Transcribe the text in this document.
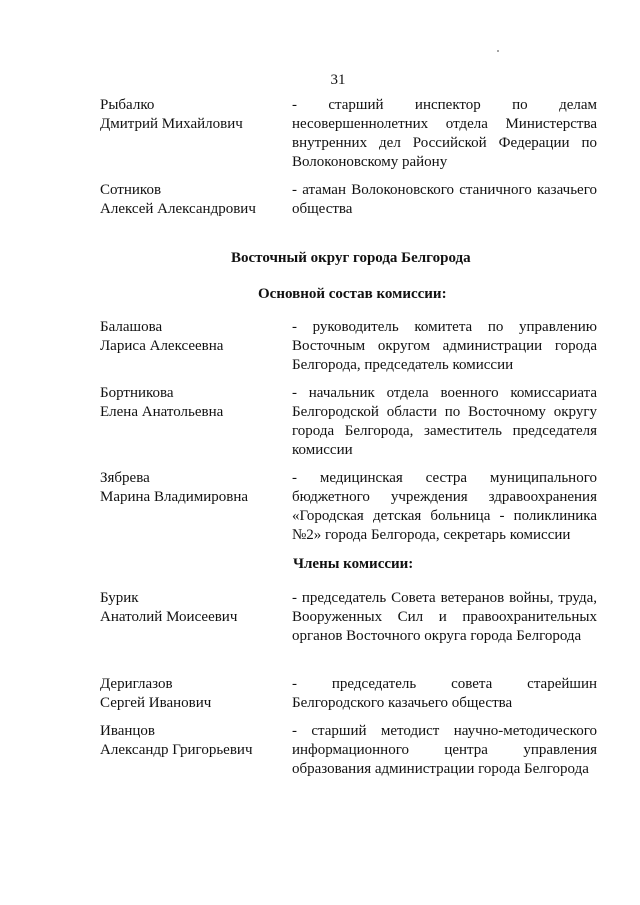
31
Рыбалко
Дмитрий Михайлович
- старший инспектор по делам несовершеннолетних отдела Министерства внутренних дел Российской Федерации по Волоконовскому району
Сотников
Алексей Александрович
- атаман Волоконовского станичного казачьего общества
Восточный округ города Белгорода
Основной состав комиссии:
Балашова
Лариса Алексеевна
- руководитель комитета по управлению Восточным округом администрации города Белгорода, председатель комиссии
Бортникова
Елена Анатольевна
- начальник отдела военного комиссариата Белгородской области по Восточному округу города Белгорода, заместитель председателя комиссии
Зябрева
Марина Владимировна
- медицинская сестра муниципального бюджетного учреждения здравоохранения «Городская детская больница - поликлиника №2» города Белгорода, секретарь комиссии
Члены комиссии:
Бурик
Анатолий Моисеевич
- председатель Совета ветеранов войны, труда, Вооруженных Сил и правоохранительных органов Восточного округа города Белгорода
Дериглазов
Сергей Иванович
- председатель совета старейшин Белгородского казачьего общества
Иванцов
Александр Григорьевич
- старший методист научно-методического информационного центра управления образования администрации города Белгорода
